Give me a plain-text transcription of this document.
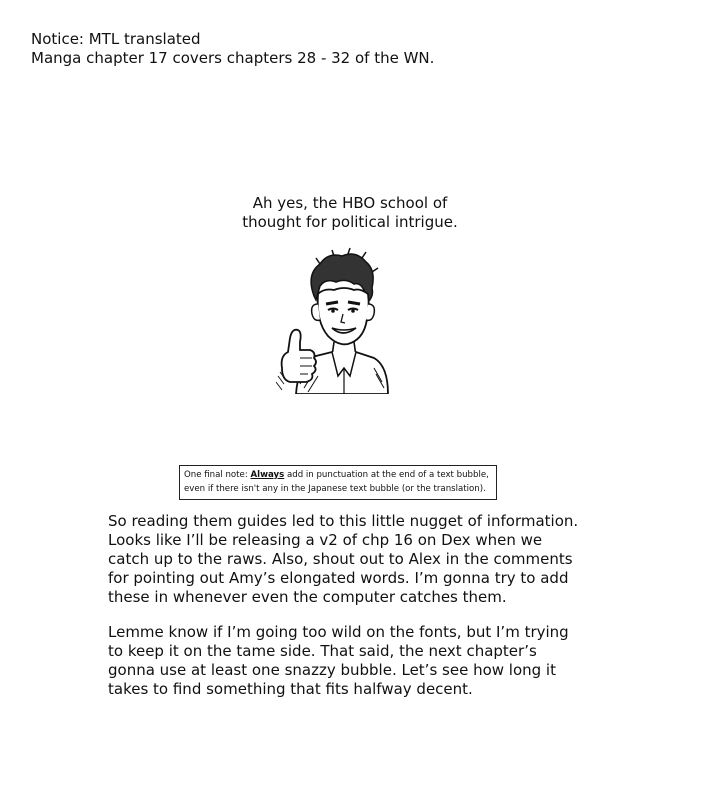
Notice: MTL translated
Manga chapter 17 covers chapters 28 - 32 of the WN.
Ah yes, the HBO school of
thought for political intrigue.
One final note: Always add in punctuation at the end of a text bubble,
even if there isn't any in the Japanese text bubble (or the translation).
So reading them guides led to this little nugget of information.
Looks like I’ll be releasing a v2 of chp 16 on Dex when we
catch up to the raws. Also, shout out to Alex in the comments
for pointing out Amy’s elongated words. I’m gonna try to add
these in whenever even the computer catches them.
Lemme know if I’m going too wild on the fonts, but I’m trying
to keep it on the tame side. That said, the next chapter’s
gonna use at least one snazzy bubble. Let’s see how long it
takes to find something that fits halfway decent.
